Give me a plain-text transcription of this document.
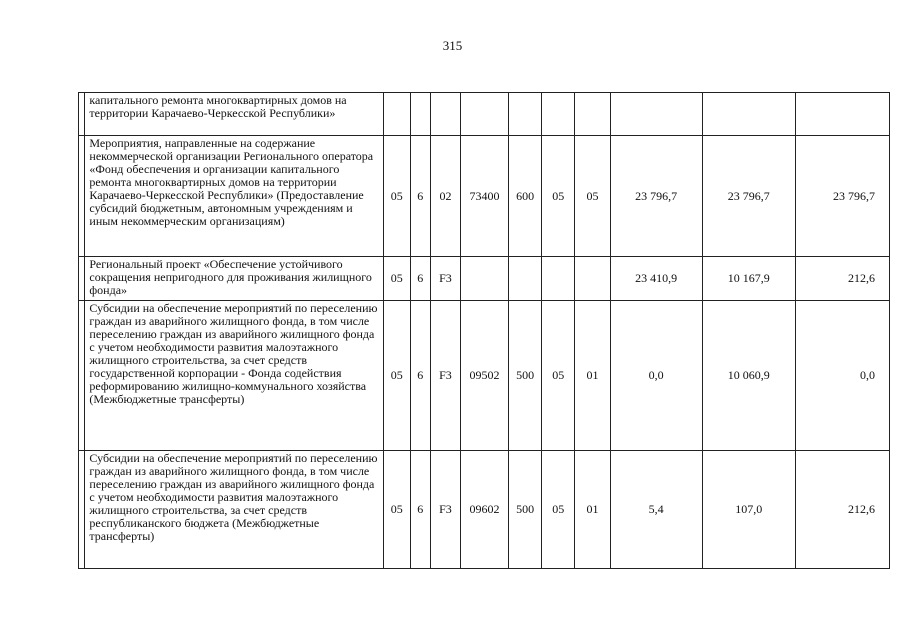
315
	капитального ремонта многоквартирных домов на территории Карачаево-Черкесской Республики»										
	Мероприятия, направленные на содержание некоммерческой организации Регионального оператора «Фонд обеспечения и организации капитального ремонта многоквартирных домов на территории Карачаево-Черкесской Республики» (Предоставление субсидий бюджетным, автономным учреждениям и иным некоммерческим организациям)	05	6	02	73400	600	05	05	23 796,7	23 796,7	23 796,7
	Региональный проект «Обеспечение устойчивого сокращения непригодного для проживания жилищного фонда»	05	6	F3					23 410,9	10 167,9	212,6
	Субсидии на обеспечение мероприятий по переселению граждан из аварийного жилищного фонда, в том числе переселению граждан из аварийного жилищного фонда с учетом необходимости развития малоэтажного жилищного строительства, за счет средств государственной корпорации - Фонда содействия реформированию жилищно-коммунального хозяйства (Межбюджетные трансферты)	05	6	F3	09502	500	05	01	0,0	10 060,9	0,0
	Субсидии на обеспечение мероприятий по переселению граждан из аварийного жилищного фонда, в том числе переселению граждан из аварийного жилищного фонда с учетом необходимости развития малоэтажного жилищного строительства, за счет средств республиканского бюджета (Межбюджетные трансферты)	05	6	F3	09602	500	05	01	5,4	107,0	212,6
